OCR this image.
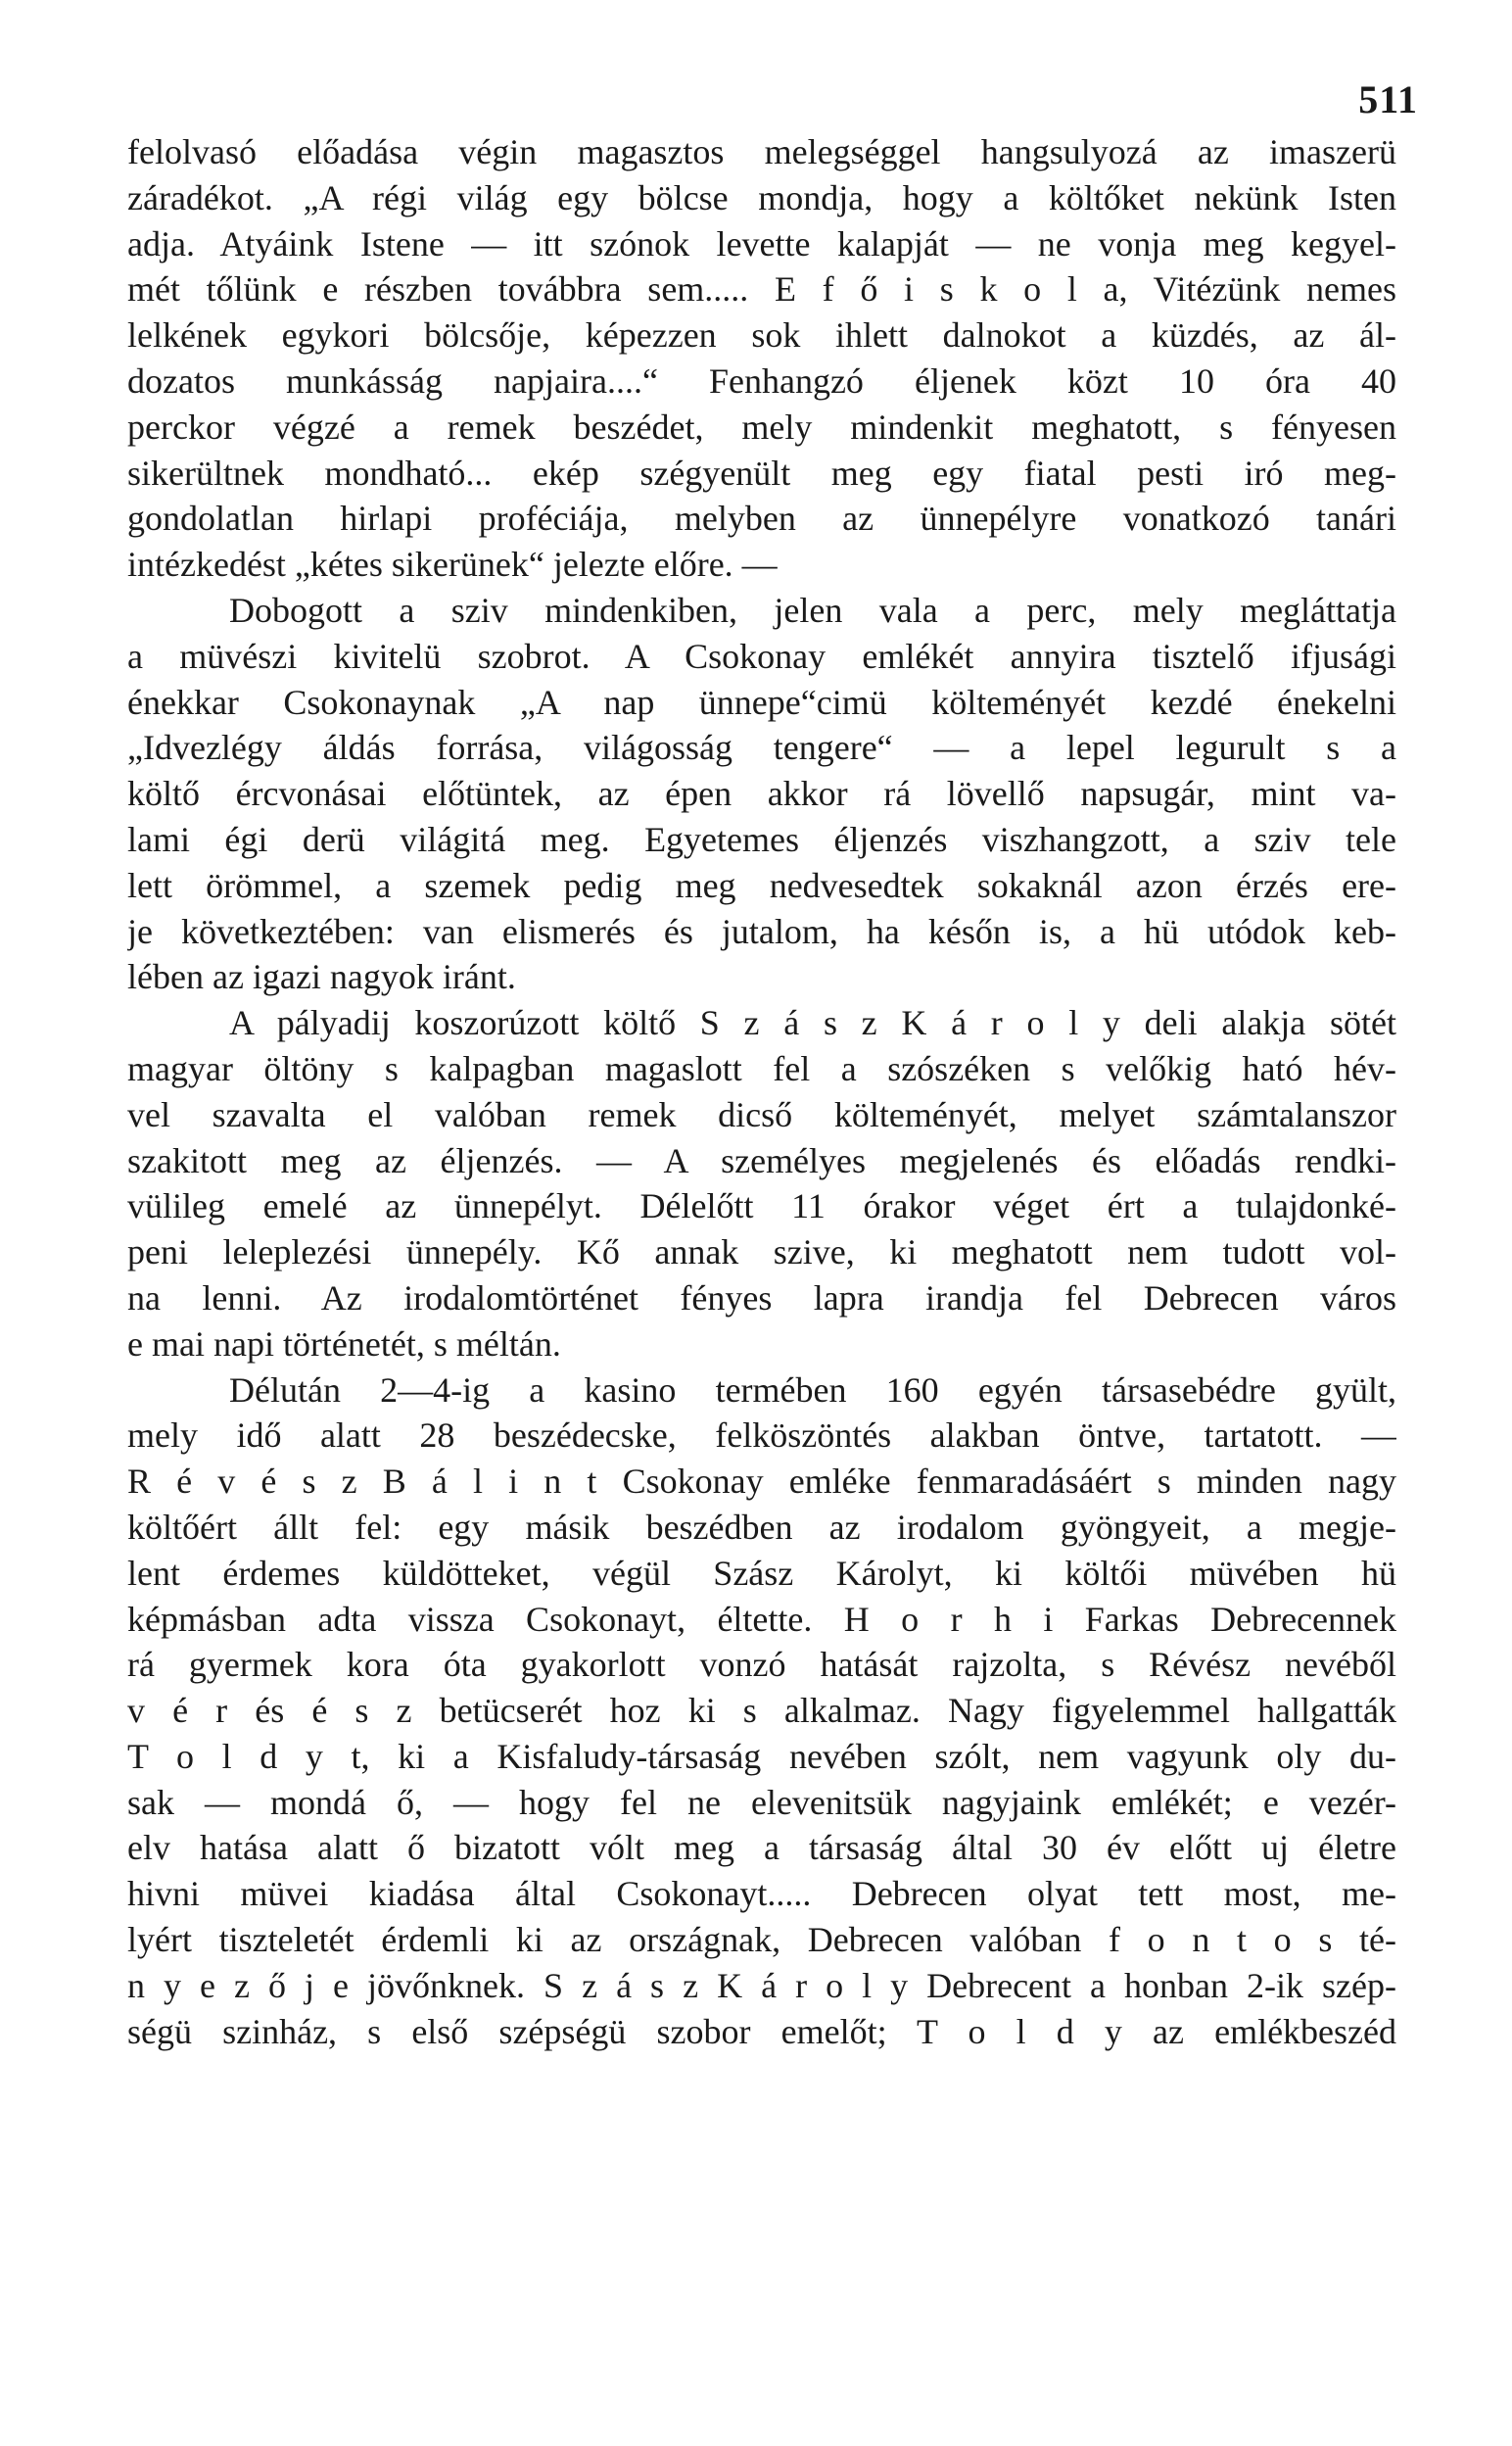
511
felolvasó előadása végin magasztos melegséggel hangsulyozá az imaszerü
záradékot. „A régi világ egy bölcse mondja, hogy a költőket nekünk Isten
adja. Atyáink Istene — itt szónok levette kalapját — ne vonja meg kegyel-
mét tőlünk e részben továbbra sem..... E f ő i s k o l a, Vitézünk nemes
lelkének egykori bölcsője, képezzen sok ihlett dalnokot a küzdés, az ál-
dozatos munkásság napjaira....“ Fenhangzó éljenek közt 10 óra 40
perckor végzé a remek beszédet, mely mindenkit meghatott, s fényesen
sikerültnek mondható... ekép szégyenült meg egy fiatal pesti iró meg-
gondolatlan hirlapi proféciája, melyben az ünnepélyre vonatkozó tanári
intézkedést „kétes sikerünek“ jelezte előre. —
Dobogott a sziv mindenkiben, jelen vala a perc, mely megláttatja
a müvészi kivitelü szobrot. A Csokonay emlékét annyira tisztelő ifjusági
énekkar Csokonaynak „A nap ünnepe“cimü költeményét kezdé énekelni
„Idvezlégy áldás forrása, világosság tengere“ — a lepel legurult s a
költő ércvonásai előtüntek, az épen akkor rá lövellő napsugár, mint va-
lami égi derü világitá meg. Egyetemes éljenzés viszhangzott, a sziv tele
lett örömmel, a szemek pedig meg nedvesedtek sokaknál azon érzés ere-
je következtében: van elismerés és jutalom, ha későn is, a hü utódok keb-
lében az igazi nagyok iránt.
A pályadij koszorúzott költő S z á s z K á r o l y deli alakja sötét
magyar öltöny s kalpagban magaslott fel a szószéken s velőkig ható hév-
vel szavalta el valóban remek dicső költeményét, melyet számtalanszor
szakitott meg az éljenzés. — A személyes megjelenés és előadás rendki-
vülileg emelé az ünnepélyt. Délelőtt 11 órakor véget ért a tulajdonké-
peni leleplezési ünnepély. Kő annak szive, ki meghatott nem tudott vol-
na lenni. Az irodalomtörténet fényes lapra irandja fel Debrecen város
e mai napi történetét, s méltán.
Délután 2—4-ig a kasino termében 160 egyén társasebédre gyült,
mely idő alatt 28 beszédecske, felköszöntés alakban öntve, tartatott. —
R é v é s z B á l i n t Csokonay emléke fenmaradásáért s minden nagy
költőért állt fel: egy másik beszédben az irodalom gyöngyeit, a megje-
lent érdemes küldötteket, végül Szász Károlyt, ki költői müvében hü
képmásban adta vissza Csokonayt, éltette. H o r h i Farkas Debrecennek
rá gyermek kora óta gyakorlott vonzó hatását rajzolta, s Révész nevéből
v é r és é s z betücserét hoz ki s alkalmaz. Nagy figyelemmel hallgatták
T o l d y t, ki a Kisfaludy-társaság nevében szólt, nem vagyunk oly du-
sak — mondá ő, — hogy fel ne elevenitsük nagyjaink emlékét; e vezér-
elv hatása alatt ő bizatott vólt meg a társaság által 30 év előtt uj életre
hivni müvei kiadása által Csokonayt..... Debrecen olyat tett most, me-
lyért tiszteletét érdemli ki az országnak, Debrecen valóban f o n t o s té-
n y e z ő j e jövőnknek. S z á s z K á r o l y Debrecent a honban 2-ik szép-
ségü szinház, s első szépségü szobor emelőt; T o l d y az emlékbeszéd
